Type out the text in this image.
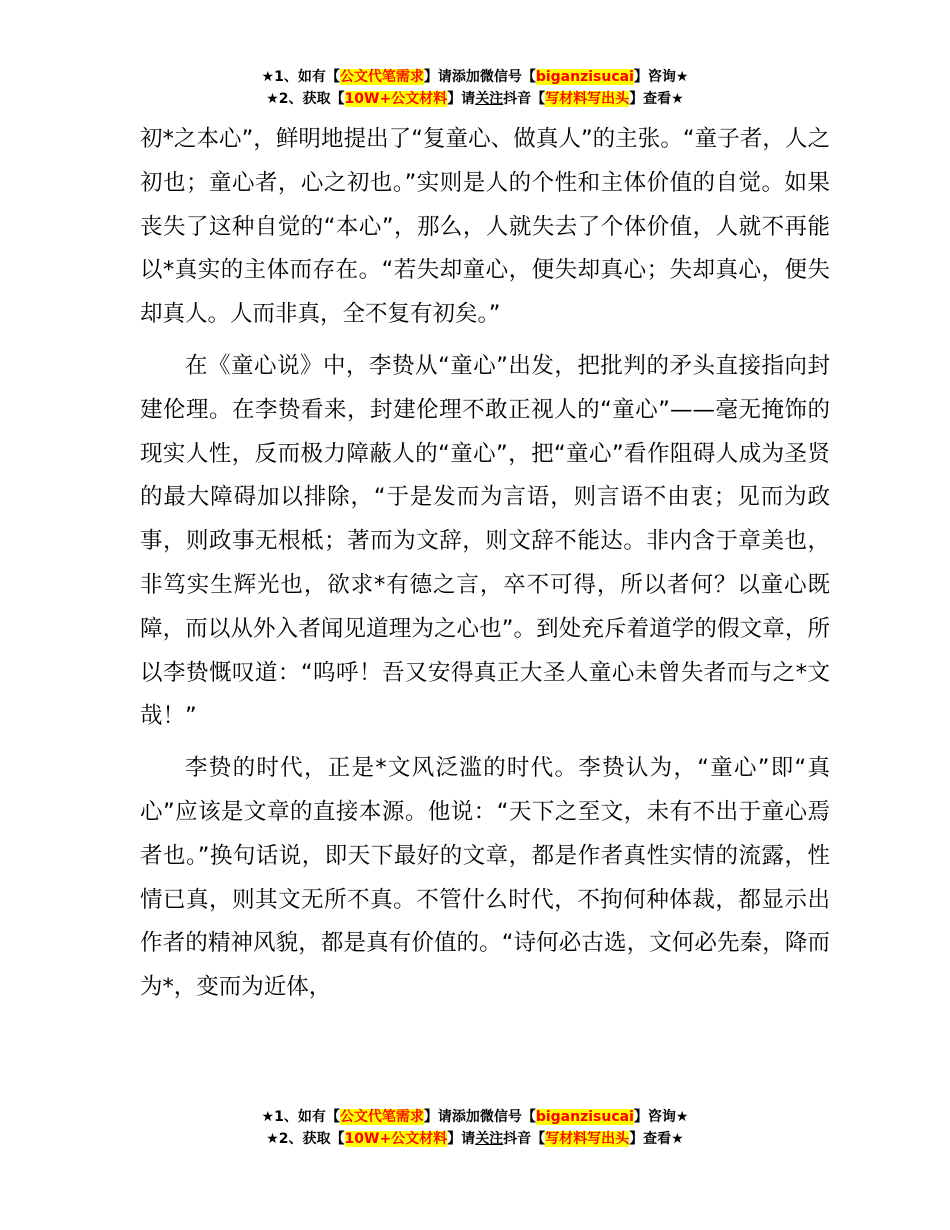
★1、如有【公文代笔需求】请添加微信号【biganzisucai】咨询★
★2、获取【10W+公文材料】请关注抖音【写材料写出头】查看★

初*之本心”，鲜明地提出了“复童心、做真人”的主张。“童子者，人之初也；童心者，心之初也。”实则是人的个性和主体价值的自觉。如果丧失了这种自觉的“本心”，那么，人就失去了个体价值，人就不再能以*真实的主体而存在。“若失却童心，便失却真心；失却真心，便失却真人。人而非真，全不复有初矣。”

在《童心说》中，李贽从“童心”出发，把批判的矛头直接指向封建伦理。在李贽看来，封建伦理不敢正视人的“童心”——毫无掩饰的现实人性，反而极力障蔽人的“童心”，把“童心”看作阻碍人成为圣贤的最大障碍加以排除，“于是发而为言语，则言语不由衷；见而为政事，则政事无根柢；著而为文辞，则文辞不能达。非内含于章美也，非笃实生辉光也，欲求*有德之言，卒不可得，所以者何？以童心既障，而以从外入者闻见道理为之心也”。到处充斥着道学的假文章，所以李贽慨叹道：“呜呼！吾又安得真正大圣人童心未曾失者而与之*文哉！”

李贽的时代，正是*文风泛滥的时代。李贽认为，“童心”即“真心”应该是文章的直接本源。他说：“天下之至文，未有不出于童心焉者也。”换句话说，即天下最好的文章，都是作者真性实情的流露，性情已真，则其文无所不真。不管什么时代，不拘何种体裁，都显示出作者的精神风貌，都是真有价值的。“诗何必古选，文何必先秦，降而为*，变而为近体，

★1、如有【公文代笔需求】请添加微信号【biganzisucai】咨询★
★2、获取【10W+公文材料】请关注抖音【写材料写出头】查看★
